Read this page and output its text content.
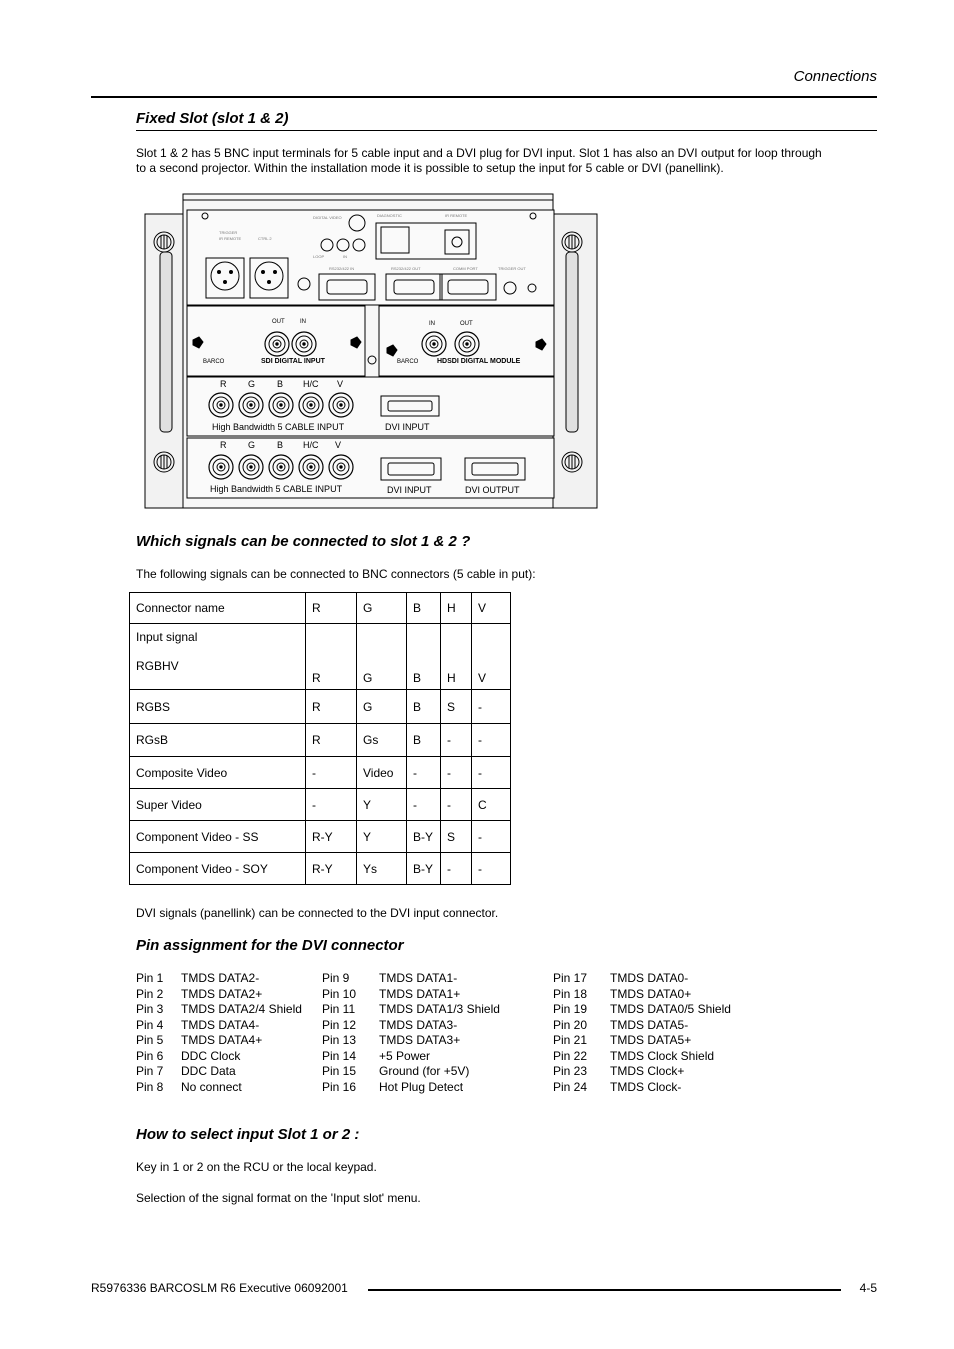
Connections
Fixed Slot (slot 1 & 2)
Slot 1 & 2 has 5 BNC input terminals for 5 cable input and a DVI plug for DVI input. Slot 1 has also an DVI output for loop through
to a second projector. Within the installation mode it is possible to setup the input for 5 cable or DVI (panellink).
TRIGGER
IR REMOTE	CTRL 2
DIGITAL VIDEO	DIAGNOSTIC	IR REMOTE
LOOP	IN
RS232/422 IN	RS232/422 OUT	COMM PORT	TRIGGER OUT
OUT	IN	IN	OUT
BARCO	SDI DIGITAL INPUT	BARCO	HDSDI DIGITAL MODULE
R G B H/C V
High Bandwidth 5 CABLE INPUT	DVI INPUT
R G B H/C V
High Bandwidth 5 CABLE INPUT	DVI INPUT	DVI OUTPUT
Which signals can be connected to slot 1 & 2 ?
The following signals can be connected to BNC connectors (5 cable in put):
Connector name	R	G	B	H	V

Input signal
RGBHV	R	G	B	H	V
RGBS	R	G	B	S	-
RGsB	R	Gs	B	-	-
Composite Video	-	Video	-	-	-
Super Video	-	Y	-	-	C
Component Video - SS	R-Y	Y	B-Y	S	-
Component Video - SOY	R-Y	Ys	B-Y	-	-
DVI signals (panellink) can be connected to the DVI input connector.
Pin assignment for the DVI connector
Pin 1 TMDS DATA2-	Pin 9 TMDS DATA1-	Pin 17 TMDS DATA0-
Pin 2 TMDS DATA2+	Pin 10 TMDS DATA1+	Pin 18 TMDS DATA0+
Pin 3 TMDS DATA2/4 Shield Pin 11 TMDS DATA1/3 Shield	Pin 19 TMDS DATA0/5 Shield
Pin 4 TMDS DATA4-	Pin 12 TMDS DATA3-	Pin 20 TMDS DATA5-
Pin 5 TMDS DATA4+	Pin 13 TMDS DATA3+	Pin 21 TMDS DATA5+
Pin 6 DDC Clock	Pin 14 +5 Power	Pin 22 TMDS Clock Shield
Pin 7 DDC Data	Pin 15 Ground (for +5V)	Pin 23 TMDS Clock+
Pin 8 No connect	Pin 16 Hot Plug Detect	Pin 24 TMDS Clock-
How to select input Slot 1 or 2 :
Key in 1 or 2 on the RCU or the local keypad.
Selection of the signal format on the 'Input slot' menu.
R5976336 BARCOSLM R6 Executive 06092001	4-5
